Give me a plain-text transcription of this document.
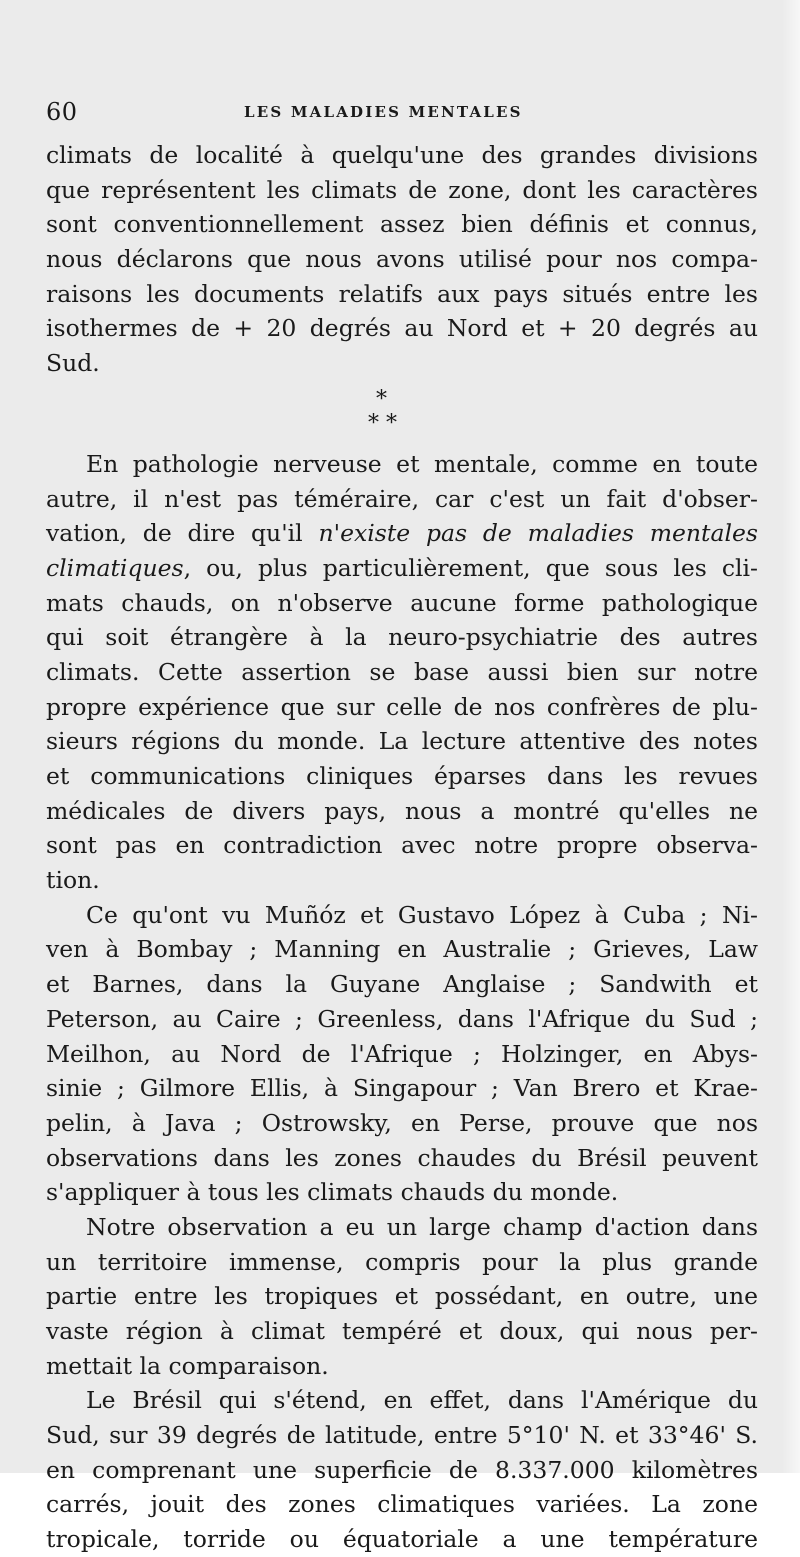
60	LES MALADIES MENTALES
climats de localité à quelqu'une des grandes divisions
que représentent les climats de zone, dont les caractères
sont conventionnellement assez bien définis et connus,
nous déclarons que nous avons utilisé pour nos compa-
raisons les documents relatifs aux pays situés entre les
isothermes de + 20 degrés au Nord et + 20 degrés au
Sud.
*
* *
En pathologie nerveuse et mentale, comme en toute
autre, il n'est pas téméraire, car c'est un fait d'obser-
vation, de dire qu'il n'existe pas de maladies mentales
climatiques, ou, plus particulièrement, que sous les cli-
mats chauds, on n'observe aucune forme pathologique
qui soit étrangère à la neuro-psychiatrie des autres
climats. Cette assertion se base aussi bien sur notre
propre expérience que sur celle de nos confrères de plu-
sieurs régions du monde. La lecture attentive des notes
et communications cliniques éparses dans les revues
médicales de divers pays, nous a montré qu'elles ne
sont pas en contradiction avec notre propre observa-
tion.
Ce qu'ont vu Muñóz et Gustavo López à Cuba ; Ni-
ven à Bombay ; Manning en Australie ; Grieves, Law
et Barnes, dans la Guyane Anglaise ; Sandwith et
Peterson, au Caire ; Greenless, dans l'Afrique du Sud ;
Meilhon, au Nord de l'Afrique ; Holzinger, en Abys-
sinie ; Gilmore Ellis, à Singapour ; Van Brero et Krae-
pelin, à Java ; Ostrowsky, en Perse, prouve que nos
observations dans les zones chaudes du Brésil peuvent
s'appliquer à tous les climats chauds du monde.
Notre observation a eu un large champ d'action dans
un territoire immense, compris pour la plus grande
partie entre les tropiques et possédant, en outre, une
vaste région à climat tempéré et doux, qui nous per-
mettait la comparaison.
Le Brésil qui s'étend, en effet, dans l'Amérique du
Sud, sur 39 degrés de latitude, entre 5°10' N. et 33°46' S.
en comprenant une superficie de 8.337.000 kilomètres
carrés, jouit des zones climatiques variées. La zone
tropicale, torride ou équatoriale a une température
